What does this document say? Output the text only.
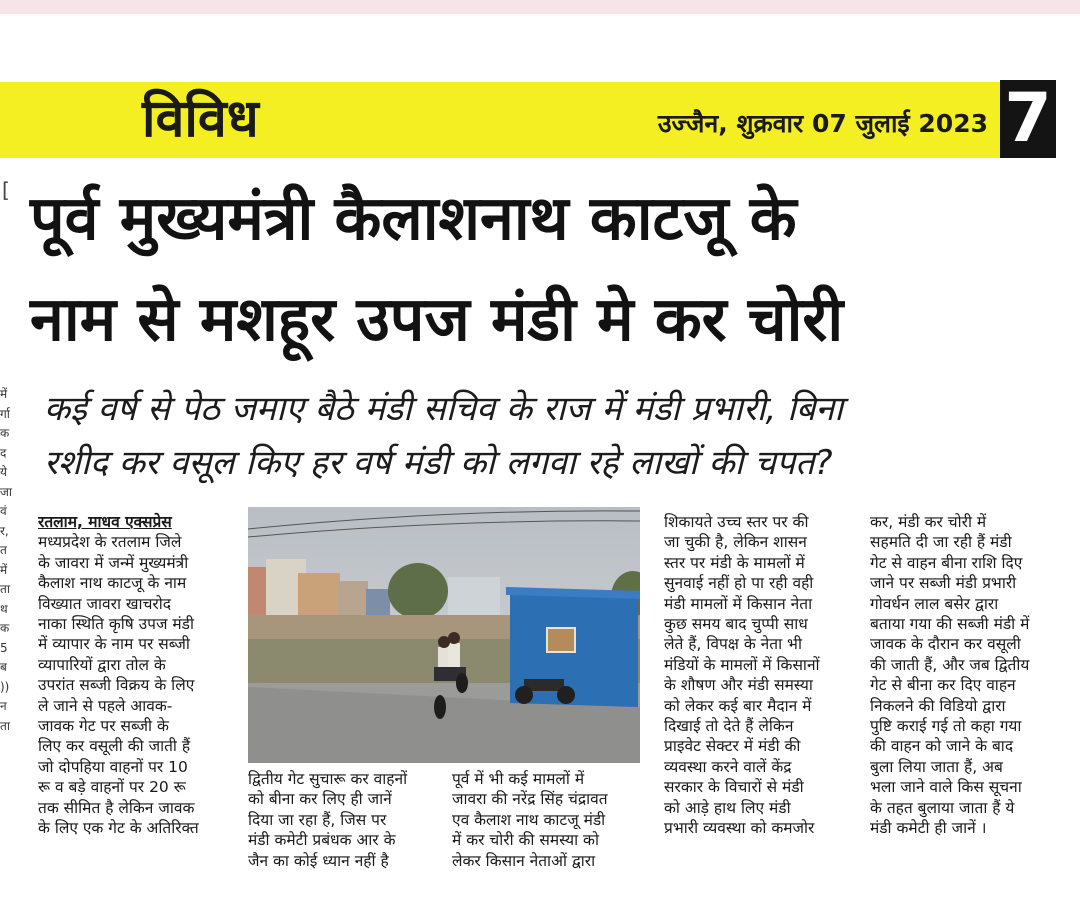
विविध	उज्जैन, शुक्रवार 07 जुलाई 2023 7
[
में
र्गा
क
द
ये
जा
वं
र,
त
में
ता
थ
क
5
ब
))
न
ता
पूर्व मुख्यमंत्री कैलाशनाथ काटजू के
नाम से मशहूर उपज मंडी मे कर चोरी
कई वर्ष से पेठ जमाए बैठे मंडी सचिव के राज में मंडी प्रभारी, बिना
रशीद कर वसूल किए हर वर्ष मंडी को लगवा रहे लाखों की चपत?
रतलाम, माधव एक्सप्रेस
मध्यप्रदेश के रतलाम जिले
के जावरा में जन्में मुख्यमंत्री
कैलाश नाथ काटजू के नाम
विख्यात जावरा खाचरोद
नाका स्थिति कृषि उपज मंडी
में व्यापार के नाम पर सब्जी
व्यापारियों द्वारा तोल के
उपरांत सब्जी विक्रय के लिए
ले जाने से पहले आवक-
जावक गेट पर सब्जी के
लिए कर वसूली की जाती हैं
जो दोपहिया वाहनों पर 10
रू व बड़े वाहनों पर 20 रू
तक सीमित है लेकिन जावक
के लिए एक गेट के अतिरिक्त
द्वितीय गेट सुचारू कर वाहनों
को बीना कर लिए ही जानें
दिया जा रहा हैं, जिस पर
मंडी कमेटी प्रबंधक आर के
जैन का कोई ध्यान नहीं है
पूर्व में भी कई मामलों में
जावरा की नरेंद्र सिंह चंद्रावत
एव कैलाश नाथ काटजू मंडी
में कर चोरी की समस्या को
लेकर किसान नेताओं द्वारा
शिकायते उच्च स्तर पर की
जा चुकी है, लेकिन शासन
स्तर पर मंडी के मामलों में
सुनवाई नहीं हो पा रही वही
मंडी मामलों में किसान नेता
कुछ समय बाद चुप्पी साध
लेते हैं, विपक्ष के नेता भी
मंडियों के मामलों में किसानों
के शौषण और मंडी समस्या
को लेकर कई बार मैदान में
दिखाई तो देते हैं लेकिन
प्राइवेट सेक्टर में मंडी की
व्यवस्था करने वालें केंद्र
सरकार के विचारों से मंडी
को आड़े हाथ लिए मंडी
प्रभारी व्यवस्था को कमजोर
कर, मंडी कर चोरी में
सहमति दी जा रही हैं मंडी
गेट से वाहन बीना राशि दिए
जाने पर सब्जी मंडी प्रभारी
गोवर्धन लाल बसेर द्वारा
बताया गया की सब्जी मंडी में
जावक के दौरान कर वसूली
की जाती हैं, और जब द्वितीय
गेट से बीना कर दिए वाहन
निकलने की विडियो द्वारा
पुष्टि कराई गई तो कहा गया
की वाहन को जाने के बाद
बुला लिया जाता हैं, अब
भला जाने वाले किस सूचना
के तहत बुलाया जाता हैं ये
मंडी कमेटी ही जानें ।
